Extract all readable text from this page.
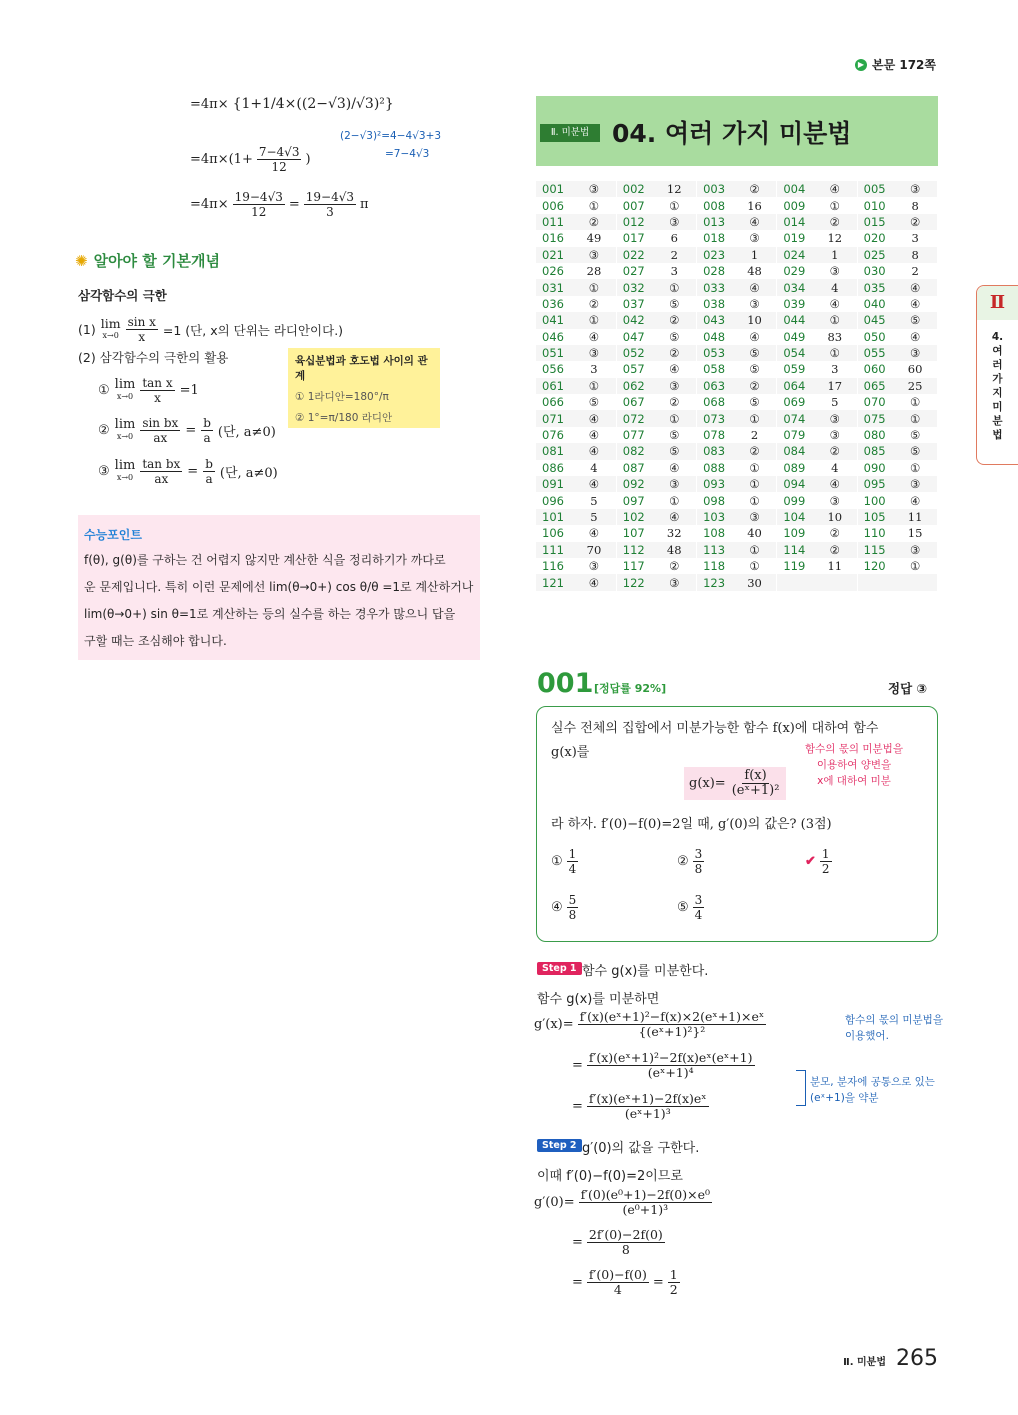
▶ 본문 172쪽
=4π× {1+1/4×((2−√3)/√3)²}
(2−√3)²=4−4√3+3
=7−4√3
$=4\pi\times(1+ \frac{7-4√3}{12}$ )
$=4\pi\times \frac{19-4√3}{12} = \frac{19-4√3}{3}$ π
✺ 알아야 할 기본개념
삼각함수의 극한
(1) lim
$x\to 0 \frac{\text{sin x}}{x} =1$ (단, x의 단위는 라디안이다.)
(2) 삼각함수의 극한의 활용
① lim
$x\to 0 \frac{\text{tan x}}{x} =1$
② lim
$x\to 0 \frac{\text{sin bx}}{ax} = \frac{b}{a}$ (단, a≠0)
③ lim
$x\to 0 \frac{\text{tan bx}}{ax} = \frac{b}{a}$ (단, a≠0)
육십분법과 호도법 사이의 관계
① 1라디안=180°/π
② 1°=π/180 라디안
수능포인트
f(θ), g(θ)를 구하는 건 어렵지 않지만 계산한 식을 정리하기가 까다로
운 문제입니다. 특히 이런 문제에선 lim(θ→0+) cos θ/θ =1로 계산하거나
lim(θ→0+) sin θ=1로 계산하는 등의 실수를 하는 경우가 많으니 답을
구할 때는 조심해야 합니다.
Ⅱ. 미분법 04. 여러 가지 미분법
001	③	002	12	003	②	004	④	005	③
006	①	007	①	008	16	009	①	010	8
011	②	012	③	013	④	014	②	015	②
016	49	017	6	018	③	019	12	020	3
021	③	022	2	023	1	024	1	025	8
026	28	027	3	028	48	029	③	030	2
031	①	032	①	033	④	034	4	035	④
036	②	037	⑤	038	③	039	④	040	④
041	①	042	②	043	10	044	①	045	⑤
046	④	047	⑤	048	④	049	83	050	④
051	③	052	②	053	⑤	054	①	055	③
056	3	057	④	058	⑤	059	3	060	60
061	①	062	③	063	②	064	17	065	25
066	⑤	067	②	068	⑤	069	5	070	①
071	④	072	①	073	①	074	③	075	①
076	④	077	⑤	078	2	079	③	080	⑤
081	④	082	⑤	083	②	084	②	085	⑤
086	4	087	④	088	①	089	4	090	①
091	④	092	③	093	①	094	④	095	③
096	5	097	①	098	①	099	③	100	④
101	5	102	④	103	③	104	10	105	11
106	④	107	32	108	40	109	②	110	15
111	70	112	48	113	①	114	②	115	③
116	③	117	②	118	①	119	11	120	①
121	④	122	③	123	30				
Ⅱ
4.
여
러
가
지
미
분
법
001 [정답률 92%]	정답 ③
실수 전체의 집합에서 미분가능한 함수 f(x)에 대하여 함수
g(x)를
$g(x)= \frac{f(x)}{\text{(eˣ+1)²}}$
함수의 몫의 미분법을
이용하여 양변을
x에 대하여 미분
라 하자. f′(0)−f(0)=2일 때, g′(0)의 값은? (3점)
① $\frac{1}{4}$	② $\frac{3}{8}$	✔ $\frac{1}{2}$
④ $\frac{5}{8}$	⑤ $\frac{3}{4}$
Step 1 함수 g(x)를 미분한다.
함수 g(x)를 미분하면
$g'(x)= \frac{\text{f′(x)(eˣ+1)²−f(x)×2(eˣ+1)×eˣ}}{\text{\{(eˣ+1)²\}²}}$	함수의 몫의 미분법을
이용했어.
= $\frac{\text{f′(x)(eˣ+1)²−2f(x)eˣ(eˣ+1)}}{\text{(eˣ+1)⁴}}$
= $\frac{\text{f′(x)(eˣ+1)−2f(x)eˣ}}{\text{(eˣ+1)³}}$
분모, 분자에 공통으로 있는
(eˣ+1)을 약분
Step 2 g′(0)의 값을 구한다.
이때 f′(0)−f(0)=2이므로
$g'(0)= \frac{\text{f′(0)(e⁰+1)−2f(0)×e⁰}}{\text{(e⁰+1)³}}$
= $\frac{2f'(0)-2f(0)}{8}$
= $\frac{f'(0)-f(0)}{4} = \frac{1}{2}$
Ⅱ. 미분법 265
